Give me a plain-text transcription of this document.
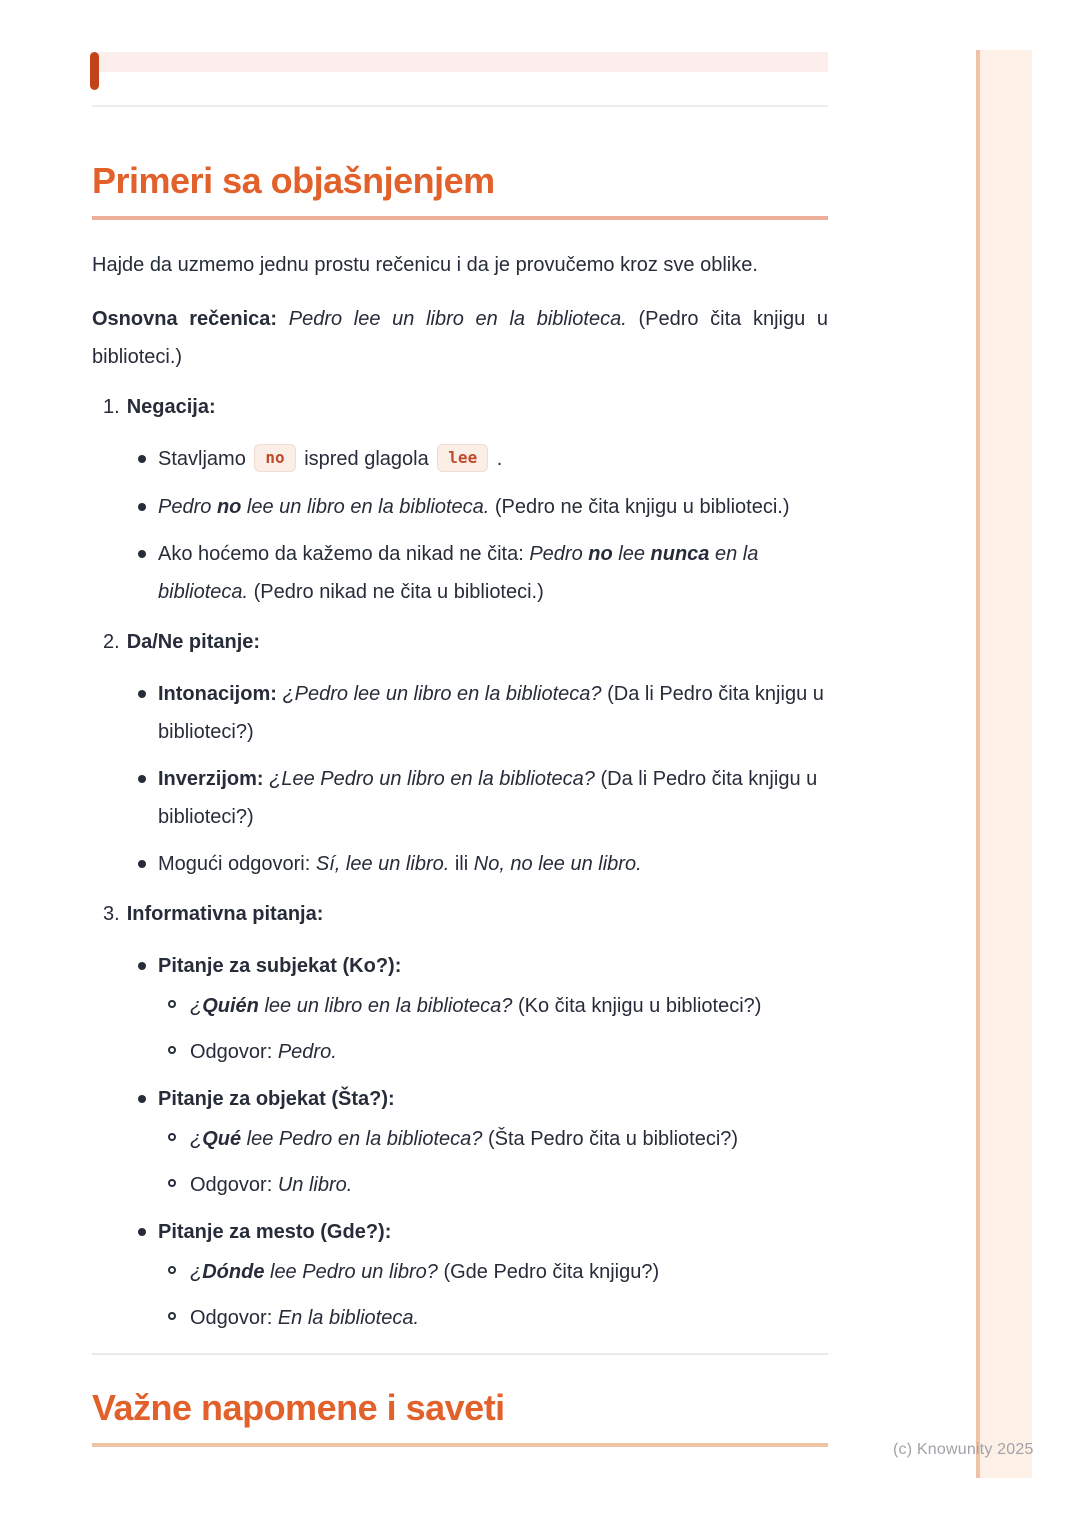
Primeri sa objašnjenjem

Hajde da uzmemo jednu prostu rečenicu i da je provučemo kroz sve oblike.

Osnovna rečenica: Pedro lee un libro en la biblioteca. (Pedro čita knjigu u biblioteci.)

1. Negacija:
Stavljamo no ispred glagola lee .
Pedro no lee un libro en la biblioteca. (Pedro ne čita knjigu u biblioteci.)
Ako hoćemo da kažemo da nikad ne čita: Pedro no lee nunca en la biblioteca. (Pedro nikad ne čita u biblioteci.)
2. Da/Ne pitanje:
Intonacijom: ¿Pedro lee un libro en la biblioteca? (Da li Pedro čita knjigu u biblioteci?)
Inverzijom: ¿Lee Pedro un libro en la biblioteca? (Da li Pedro čita knjigu u biblioteci?)
Mogući odgovori: Sí, lee un libro. ili No, no lee un libro.
3. Informativna pitanja:
Pitanje za subjekat (Ko?):
¿Quién lee un libro en la biblioteca? (Ko čita knjigu u biblioteci?)
Odgovor: Pedro.
Pitanje za objekat (Šta?):
¿Qué lee Pedro en la biblioteca? (Šta Pedro čita u biblioteci?)
Odgovor: Un libro.
Pitanje za mesto (Gde?):
¿Dónde lee Pedro un libro? (Gde Pedro čita knjigu?)
Odgovor: En la biblioteca.
Važne napomene i saveti
(c) Knowunity 2025
